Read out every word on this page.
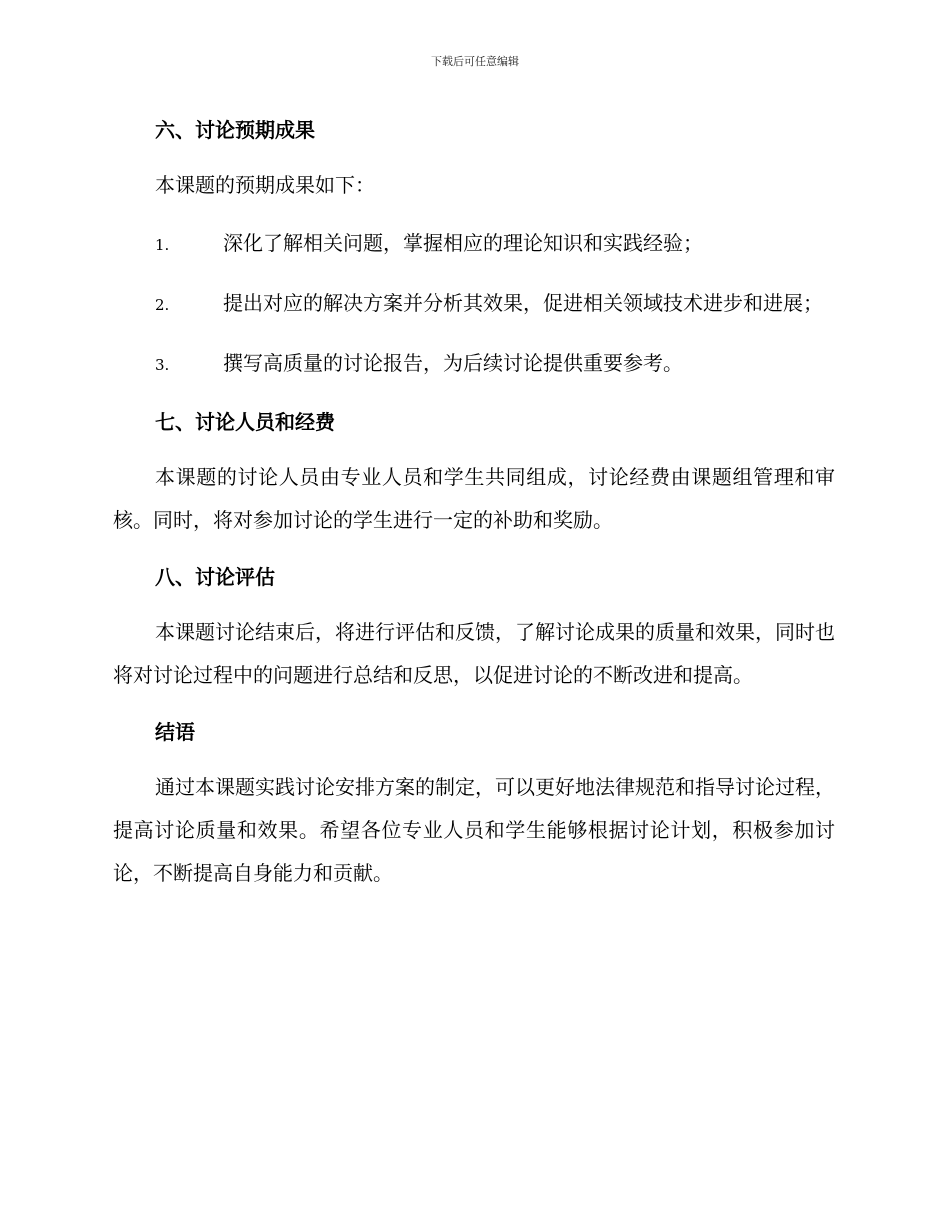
下载后可任意编辑
六、讨论预期成果

本课题的预期成果如下：

1.	深化了解相关问题，掌握相应的理论知识和实践经验；

2.	提出对应的解决方案并分析其效果，促进相关领域技术进步和进展；

3.	撰写高质量的讨论报告，为后续讨论提供重要参考。

七、讨论人员和经费

本课题的讨论人员由专业人员和学生共同组成，讨论经费由课题组管理和审核。同时，将对参加讨论的学生进行一定的补助和奖励。

八、讨论评估

本课题讨论结束后，将进行评估和反馈，了解讨论成果的质量和效果，同时也将对讨论过程中的问题进行总结和反思，以促进讨论的不断改进和提高。

结语

通过本课题实践讨论安排方案的制定，可以更好地法律规范和指导讨论过程，提高讨论质量和效果。希望各位专业人员和学生能够根据讨论计划，积极参加讨论，不断提高自身能力和贡献。
